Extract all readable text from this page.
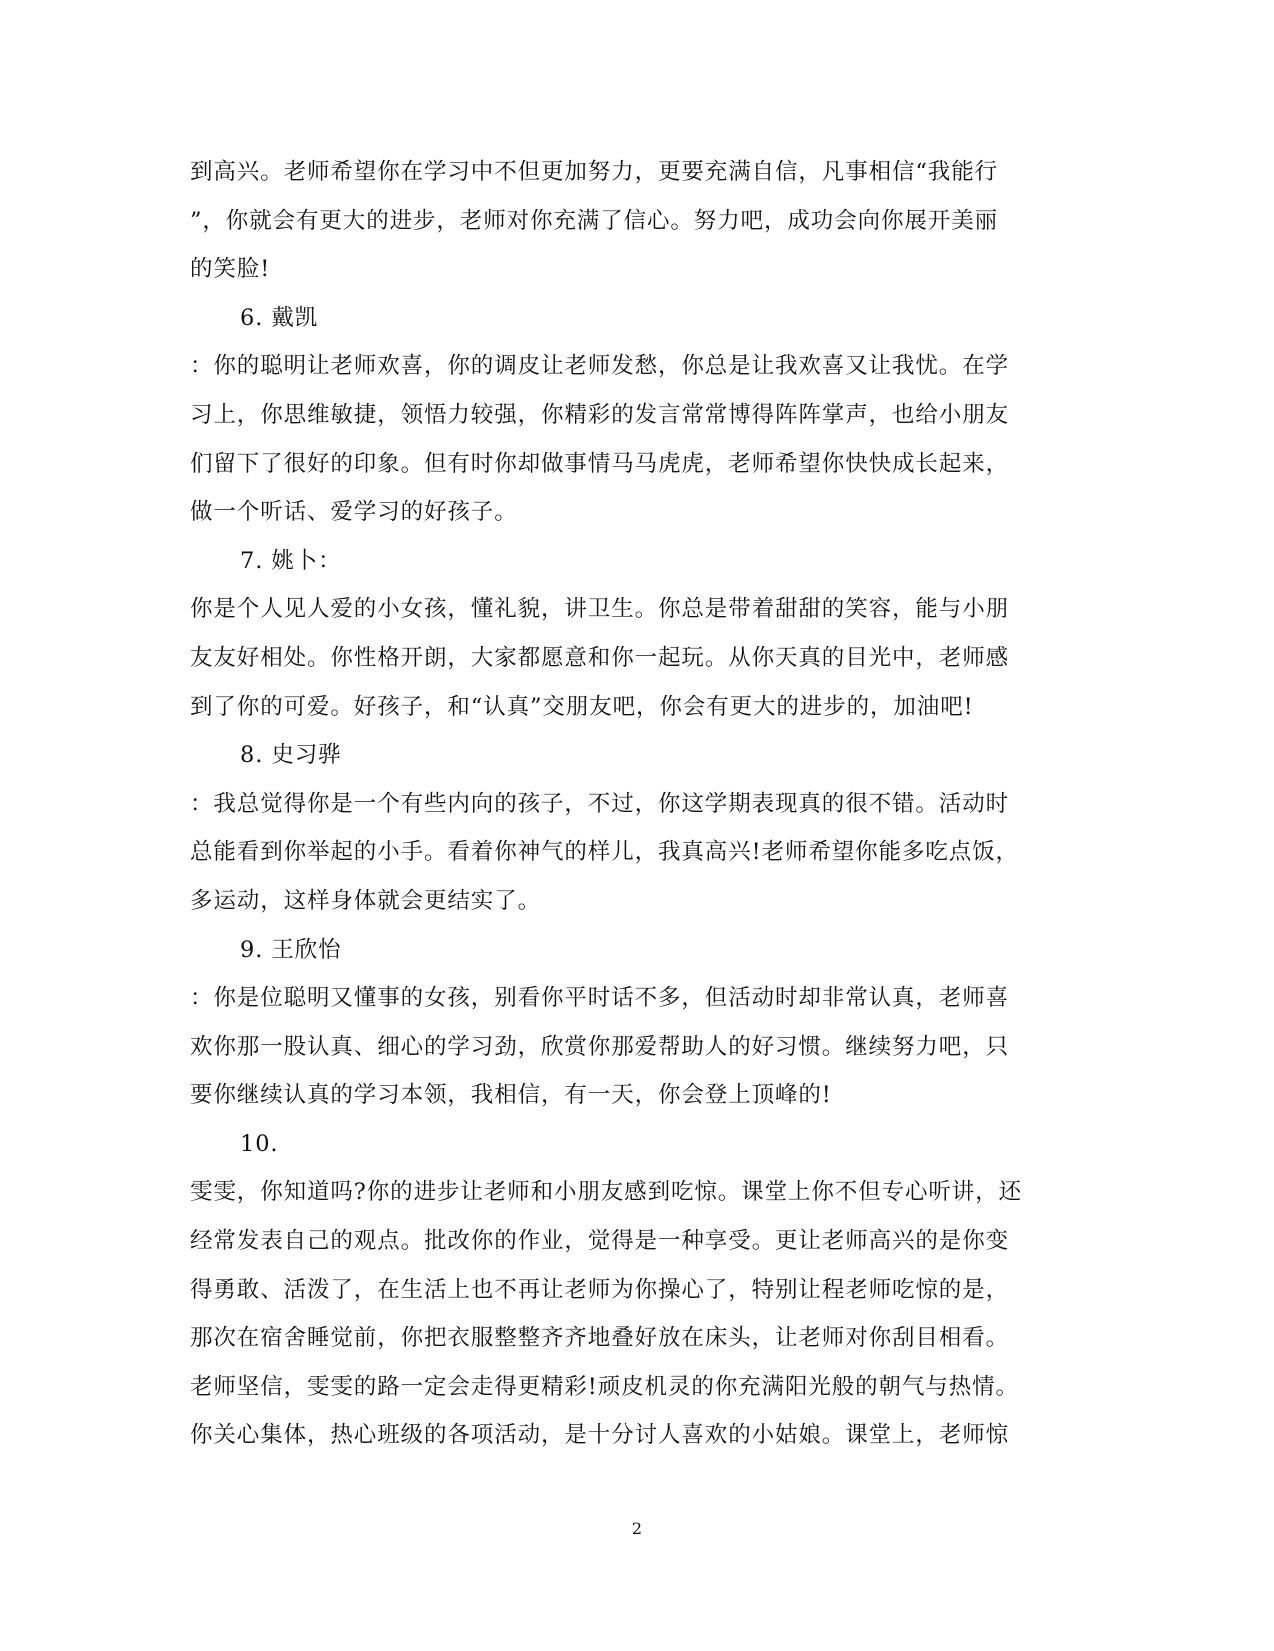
到高兴。老师希望你在学习中不但更加努力，更要充满自信，凡事相信“我能行
”，你就会有更大的进步，老师对你充满了信心。努力吧，成功会向你展开美丽
的笑脸!
6. 戴凯
：你的聪明让老师欢喜，你的调皮让老师发愁，你总是让我欢喜又让我忧。在学
习上，你思维敏捷，领悟力较强，你精彩的发言常常博得阵阵掌声，也给小朋友
们留下了很好的印象。但有时你却做事情马马虎虎，老师希望你快快成长起来，
做一个听话、爱学习的好孩子。
7. 姚卜：
你是个人见人爱的小女孩，懂礼貌，讲卫生。你总是带着甜甜的笑容，能与小朋
友友好相处。你性格开朗，大家都愿意和你一起玩。从你天真的目光中，老师感
到了你的可爱。好孩子，和“认真”交朋友吧，你会有更大的进步的，加油吧!
8. 史习骅
：我总觉得你是一个有些内向的孩子，不过，你这学期表现真的很不错。活动时
总能看到你举起的小手。看着你神气的样儿，我真高兴!老师希望你能多吃点饭，
多运动，这样身体就会更结实了。
9. 王欣怡
：你是位聪明又懂事的女孩，别看你平时话不多，但活动时却非常认真，老师喜
欢你那一股认真、细心的学习劲，欣赏你那爱帮助人的好习惯。继续努力吧，只
要你继续认真的学习本领，我相信，有一天，你会登上顶峰的!
10.
雯雯，你知道吗?你的进步让老师和小朋友感到吃惊。课堂上你不但专心听讲，还
经常发表自己的观点。批改你的作业，觉得是一种享受。更让老师高兴的是你变
得勇敢、活泼了，在生活上也不再让老师为你操心了，特别让程老师吃惊的是，
那次在宿舍睡觉前，你把衣服整整齐齐地叠好放在床头，让老师对你刮目相看。
老师坚信，雯雯的路一定会走得更精彩!顽皮机灵的你充满阳光般的朝气与热情。
你关心集体，热心班级的各项活动，是十分讨人喜欢的小姑娘。课堂上，老师惊
2
